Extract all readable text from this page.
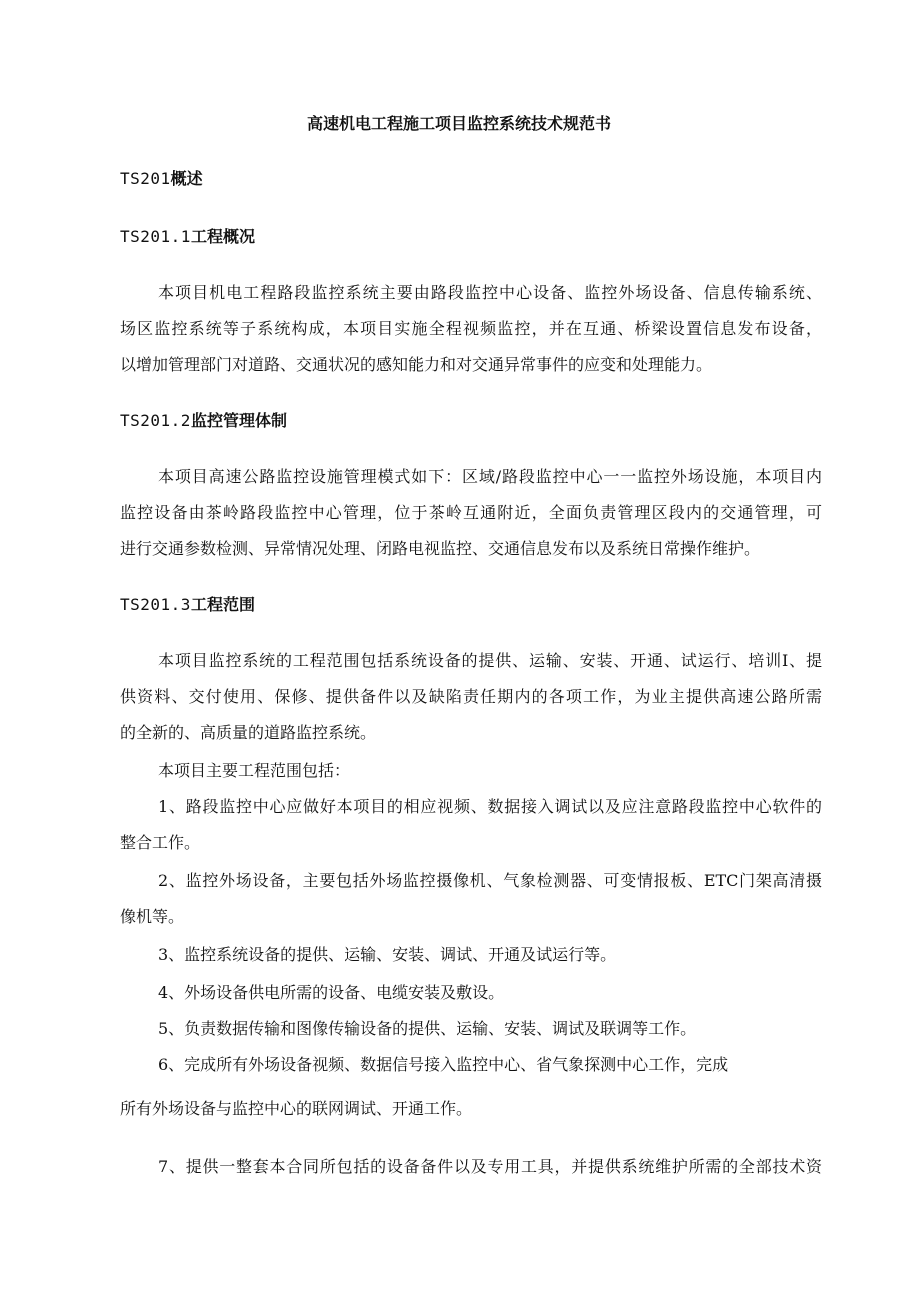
高速机电工程施工项目监控系统技术规范书
TS201概述
TS201.1工程概况
本项目机电工程路段监控系统主要由路段监控中心设备、监控外场设备、信息传输系统、
场区监控系统等子系统构成，本项目实施全程视频监控，并在互通、桥梁设置信息发布设备，
以增加管理部门对道路、交通状况的感知能力和对交通异常事件的应变和处理能力。
TS201.2监控管理体制
本项目高速公路监控设施管理模式如下：区域/路段监控中心一一监控外场设施，本项目内
监控设备由茶岭路段监控中心管理，位于茶岭互通附近，全面负责管理区段内的交通管理，可
进行交通参数检测、异常情况处理、闭路电视监控、交通信息发布以及系统日常操作维护。
TS201.3工程范围
本项目监控系统的工程范围包括系统设备的提供、运输、安装、开通、试运行、培训I、提
供资料、交付使用、保修、提供备件以及缺陷责任期内的各项工作，为业主提供高速公路所需
的全新的、高质量的道路监控系统。
本项目主要工程范围包括：
1、路段监控中心应做好本项目的相应视频、数据接入调试以及应注意路段监控中心软件的
整合工作。
2、监控外场设备，主要包括外场监控摄像机、气象检测器、可变情报板、ETC门架高清摄
像机等。
3、监控系统设备的提供、运输、安装、调试、开通及试运行等。
4、外场设备供电所需的设备、电缆安装及敷设。
5、负责数据传输和图像传输设备的提供、运输、安装、调试及联调等工作。
6、完成所有外场设备视频、数据信号接入监控中心、省气象探测中心工作，完成
所有外场设备与监控中心的联网调试、开通工作。
7、提供一整套本合同所包括的设备备件以及专用工具，并提供系统维护所需的全部技术资
